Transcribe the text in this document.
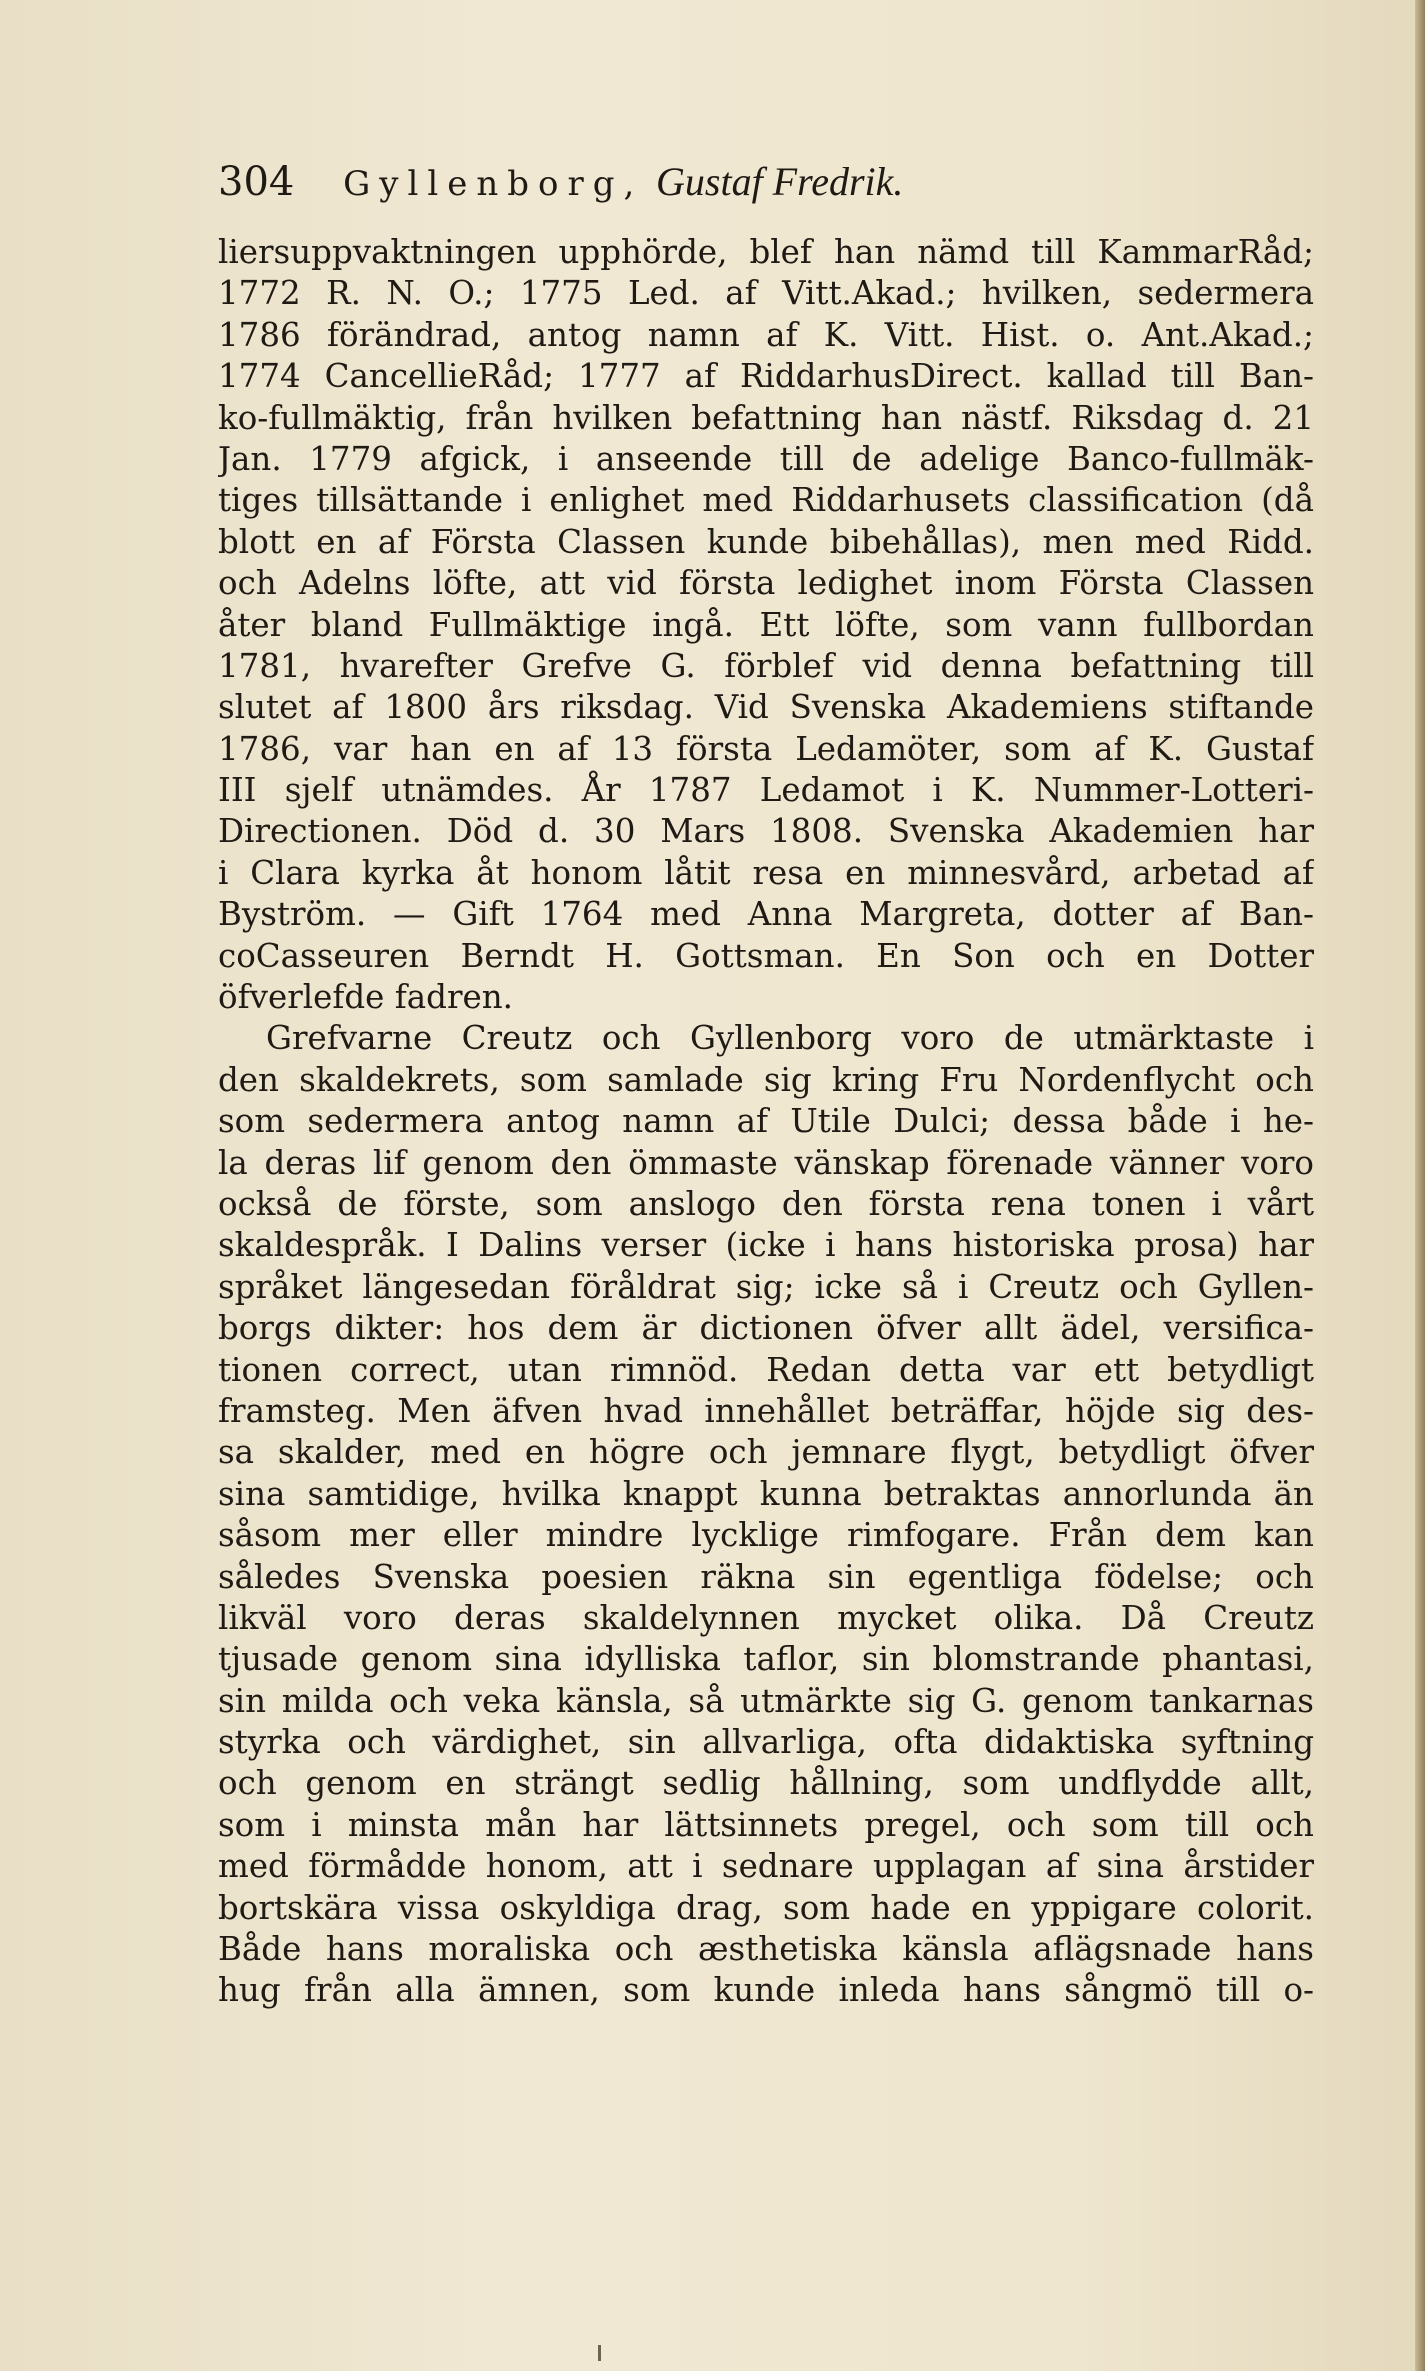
304 Gyllenborg, Gustaf Fredrik.
liersuppvaktningen upphörde, blef han nämd till KammarRåd;
1772 R. N. O.; 1775 Led. af Vitt.Akad.; hvilken, sedermera
1786 förändrad, antog namn af K. Vitt. Hist. o. Ant.Akad.;
1774 CancellieRåd; 1777 af RiddarhusDirect. kallad till Ban-
ko-fullmäktig, från hvilken befattning han nästf. Riksdag d. 21
Jan. 1779 afgick, i anseende till de adelige Banco-fullmäk-
tiges tillsättande i enlighet med Riddarhusets classification (då
blott en af Första Classen kunde bibehållas), men med Ridd.
och Adelns löfte, att vid första ledighet inom Första Classen
åter bland Fullmäktige ingå. Ett löfte, som vann fullbordan
1781, hvarefter Grefve G. förblef vid denna befattning till
slutet af 1800 års riksdag. Vid Svenska Akademiens stiftande
1786, var han en af 13 första Ledamöter, som af K. Gustaf
III sjelf utnämdes. År 1787 Ledamot i K. Nummer-Lotteri-
Directionen. Död d. 30 Mars 1808. Svenska Akademien har
i Clara kyrka åt honom låtit resa en minnesvård, arbetad af
Byström. — Gift 1764 med Anna Margreta, dotter af Ban-
coCasseuren Berndt H. Gottsman. En Son och en Dotter
öfverlefde fadren.
Grefvarne Creutz och Gyllenborg voro de utmärktaste i
den skaldekrets, som samlade sig kring Fru Nordenflycht och
som sedermera antog namn af Utile Dulci; dessa både i he-
la deras lif genom den ömmaste vänskap förenade vänner voro
också de förste, som anslogo den första rena tonen i vårt
skaldespråk. I Dalins verser (icke i hans historiska prosa) har
språket längesedan föråldrat sig; icke så i Creutz och Gyllen-
borgs dikter: hos dem är dictionen öfver allt ädel, versifica-
tionen correct, utan rimnöd. Redan detta var ett betydligt
framsteg. Men äfven hvad innehållet beträffar, höjde sig des-
sa skalder, med en högre och jemnare flygt, betydligt öfver
sina samtidige, hvilka knappt kunna betraktas annorlunda än
såsom mer eller mindre lycklige rimfogare. Från dem kan
således Svenska poesien räkna sin egentliga födelse; och
likväl voro deras skaldelynnen mycket olika. Då Creutz
tjusade genom sina idylliska taflor, sin blomstrande phantasi,
sin milda och veka känsla, så utmärkte sig G. genom tankarnas
styrka och värdighet, sin allvarliga, ofta didaktiska syftning
och genom en strängt sedlig hållning, som undflydde allt,
som i minsta mån har lättsinnets pregel, och som till och
med förmådde honom, att i sednare upplagan af sina årstider
bortskära vissa oskyldiga drag, som hade en yppigare colorit.
Både hans moraliska och æsthetiska känsla aflägsnade hans
hug från alla ämnen, som kunde inleda hans sångmö till o-
